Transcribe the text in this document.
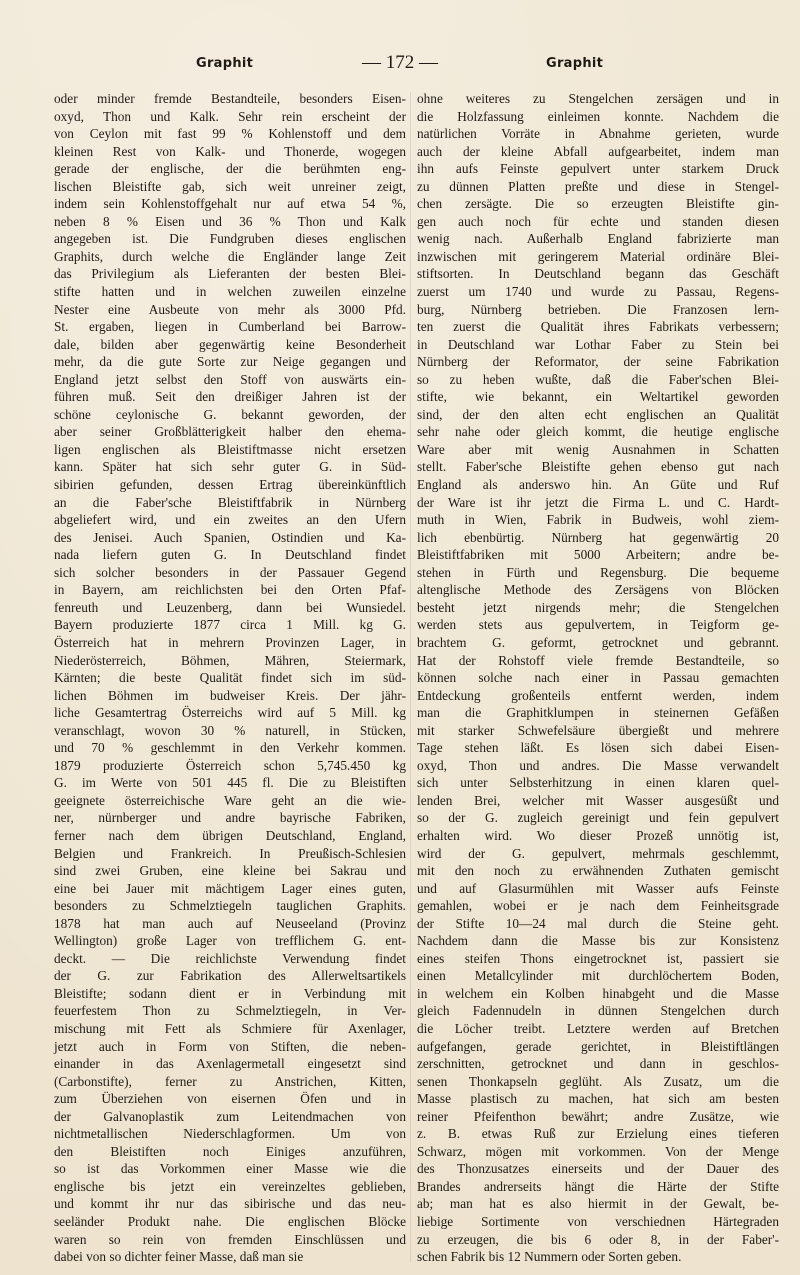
Graphit	— 172 —	Graphit
oder minder fremde Bestandteile, besonders Eisen-
oxyd, Thon und Kalk. Sehr rein erscheint der
von Ceylon mit fast 99 % Kohlenstoff und dem
kleinen Rest von Kalk- und Thonerde, wogegen
gerade der englische, der die berühmten eng-
lischen Bleistifte gab, sich weit unreiner zeigt,
indem sein Kohlenstoffgehalt nur auf etwa 54 %,
neben 8 % Eisen und 36 % Thon und Kalk
angegeben ist. Die Fundgruben dieses englischen
Graphits, durch welche die Engländer lange Zeit
das Privilegium als Lieferanten der besten Blei-
stifte hatten und in welchen zuweilen einzelne
Nester eine Ausbeute von mehr als 3000 Pfd.
St. ergaben, liegen in Cumberland bei Barrow-
dale, bilden aber gegenwärtig keine Besonderheit
mehr, da die gute Sorte zur Neige gegangen und
England jetzt selbst den Stoff von auswärts ein-
führen muß. Seit den dreißiger Jahren ist der
schöne ceylonische G. bekannt geworden, der
aber seiner Großblätterigkeit halber den ehema-
ligen englischen als Bleistiftmasse nicht ersetzen
kann. Später hat sich sehr guter G. in Süd-
sibirien gefunden, dessen Ertrag übereinkünftlich
an die Faber'sche Bleistiftfabrik in Nürnberg
abgeliefert wird, und ein zweites an den Ufern
des Jenisei. Auch Spanien, Ostindien und Ka-
nada liefern guten G. In Deutschland findet
sich solcher besonders in der Passauer Gegend
in Bayern, am reichlichsten bei den Orten Pfaf-
fenreuth und Leuzenberg, dann bei Wunsiedel.
Bayern produzierte 1877 circa 1 Mill. kg G.
Österreich hat in mehrern Provinzen Lager, in
Niederösterreich, Böhmen, Mähren, Steiermark,
Kärnten; die beste Qualität findet sich im süd-
lichen Böhmen im budweiser Kreis. Der jähr-
liche Gesamtertrag Österreichs wird auf 5 Mill. kg
veranschlagt, wovon 30 % naturell, in Stücken,
und 70 % geschlemmt in den Verkehr kommen.
1879 produzierte Österreich schon 5,745.450 kg
G. im Werte von 501 445 fl. Die zu Bleistiften
geeignete österreichische Ware geht an die wie-
ner, nürnberger und andre bayrische Fabriken,
ferner nach dem übrigen Deutschland, England,
Belgien und Frankreich. In Preußisch-Schlesien
sind zwei Gruben, eine kleine bei Sakrau und
eine bei Jauer mit mächtigem Lager eines guten,
besonders zu Schmelztiegeln tauglichen Graphits.
1878 hat man auch auf Neuseeland (Provinz
Wellington) große Lager von trefflichem G. ent-
deckt. — Die reichlichste Verwendung findet
der G. zur Fabrikation des Allerweltsartikels
Bleistifte; sodann dient er in Verbindung mit
feuerfestem Thon zu Schmelztiegeln, in Ver-
mischung mit Fett als Schmiere für Axenlager,
jetzt auch in Form von Stiften, die neben-
einander in das Axenlagermetall eingesetzt sind
(Carbonstifte), ferner zu Anstrichen, Kitten,
zum Überziehen von eisernen Öfen und in
der Galvanoplastik zum Leitendmachen von
nichtmetallischen Niederschlagformen. Um von
den Bleistiften noch Einiges anzuführen,
so ist das Vorkommen einer Masse wie die
englische bis jetzt ein vereinzeltes geblieben,
und kommt ihr nur das sibirische und das neu-
seeländer Produkt nahe. Die englischen Blöcke
waren so rein von fremden Einschlüssen und
dabei von so dichter feiner Masse, daß man sie
ohne weiteres zu Stengelchen zersägen und in
die Holzfassung einleimen konnte. Nachdem die
natürlichen Vorräte in Abnahme gerieten, wurde
auch der kleine Abfall aufgearbeitet, indem man
ihn aufs Feinste gepulvert unter starkem Druck
zu dünnen Platten preßte und diese in Stengel-
chen zersägte. Die so erzeugten Bleistifte gin-
gen auch noch für echte und standen diesen
wenig nach. Außerhalb England fabrizierte man
inzwischen mit geringerem Material ordinäre Blei-
stiftsorten. In Deutschland begann das Geschäft
zuerst um 1740 und wurde zu Passau, Regens-
burg, Nürnberg betrieben. Die Franzosen lern-
ten zuerst die Qualität ihres Fabrikats verbessern;
in Deutschland war Lothar Faber zu Stein bei
Nürnberg der Reformator, der seine Fabrikation
so zu heben wußte, daß die Faber'schen Blei-
stifte, wie bekannt, ein Weltartikel geworden
sind, der den alten echt englischen an Qualität
sehr nahe oder gleich kommt, die heutige englische
Ware aber mit wenig Ausnahmen in Schatten
stellt. Faber'sche Bleistifte gehen ebenso gut nach
England als anderswo hin. An Güte und Ruf
der Ware ist ihr jetzt die Firma L. und C. Hardt-
muth in Wien, Fabrik in Budweis, wohl ziem-
lich ebenbürtig. Nürnberg hat gegenwärtig 20
Bleistiftfabriken mit 5000 Arbeitern; andre be-
stehen in Fürth und Regensburg. Die bequeme
altenglische Methode des Zersägens von Blöcken
besteht jetzt nirgends mehr; die Stengelchen
werden stets aus gepulvertem, in Teigform ge-
brachtem G. geformt, getrocknet und gebrannt.
Hat der Rohstoff viele fremde Bestandteile, so
können solche nach einer in Passau gemachten
Entdeckung großenteils entfernt werden, indem
man die Graphitklumpen in steinernen Gefäßen
mit starker Schwefelsäure übergießt und mehrere
Tage stehen läßt. Es lösen sich dabei Eisen-
oxyd, Thon und andres. Die Masse verwandelt
sich unter Selbsterhitzung in einen klaren quel-
lenden Brei, welcher mit Wasser ausgesüßt und
so der G. zugleich gereinigt und fein gepulvert
erhalten wird. Wo dieser Prozeß unnötig ist,
wird der G. gepulvert, mehrmals geschlemmt,
mit den noch zu erwähnenden Zuthaten gemischt
und auf Glasurmühlen mit Wasser aufs Feinste
gemahlen, wobei er je nach dem Feinheitsgrade
der Stifte 10—24 mal durch die Steine geht.
Nachdem dann die Masse bis zur Konsistenz
eines steifen Thons eingetrocknet ist, passiert sie
einen Metallcylinder mit durchlöchertem Boden,
in welchem ein Kolben hinabgeht und die Masse
gleich Fadennudeln in dünnen Stengelchen durch
die Löcher treibt. Letztere werden auf Bretchen
aufgefangen, gerade gerichtet, in Bleistiftlängen
zerschnitten, getrocknet und dann in geschlos-
senen Thonkapseln geglüht. Als Zusatz, um die
Masse plastisch zu machen, hat sich am besten
reiner Pfeifenthon bewährt; andre Zusätze, wie
z. B. etwas Ruß zur Erzielung eines tieferen
Schwarz, mögen mit vorkommen. Von der Menge
des Thonzusatzes einerseits und der Dauer des
Brandes andrerseits hängt die Härte der Stifte
ab; man hat es also hiermit in der Gewalt, be-
liebige Sortimente von verschiednen Härtegraden
zu erzeugen, die bis 6 oder 8, in der Faber'-
schen Fabrik bis 12 Nummern oder Sorten geben.
